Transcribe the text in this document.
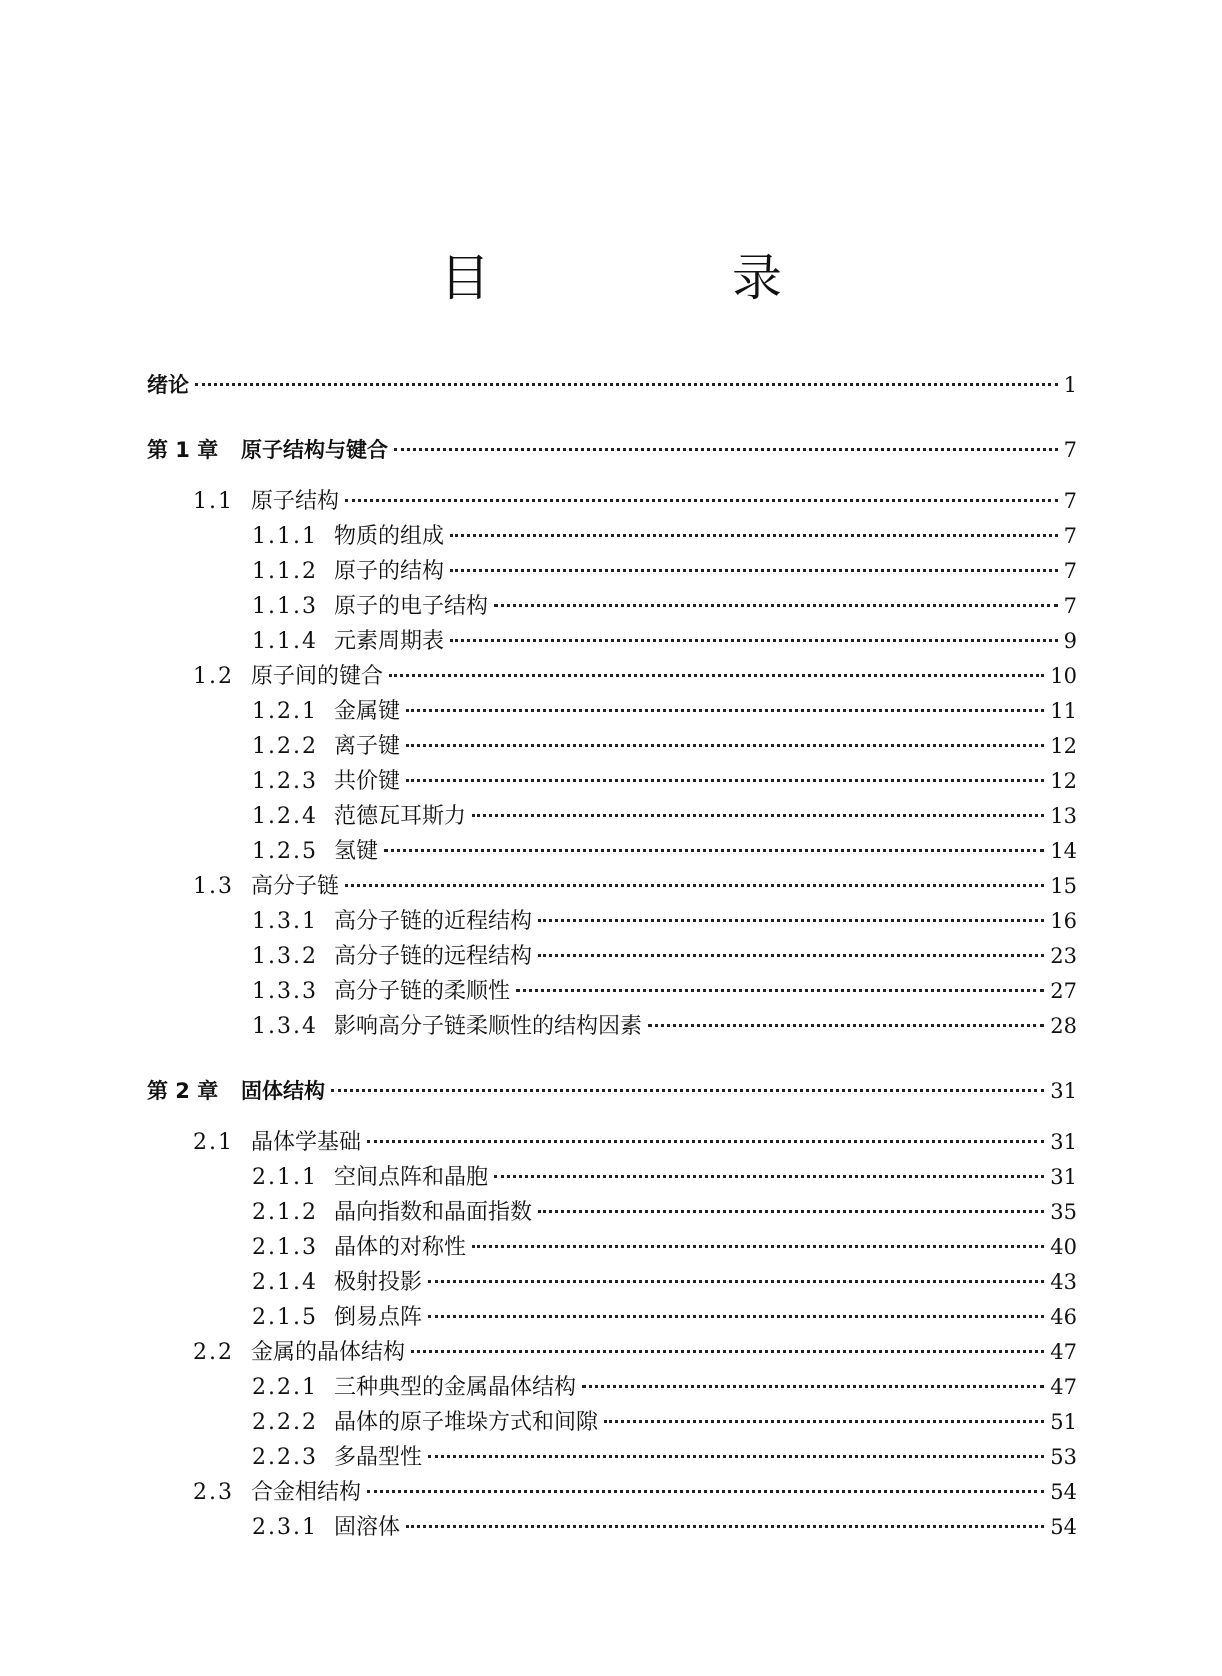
目　录
绪论	1
第 1 章	原子结构与键合	7
1.1 原子结构	7
1.1.1 物质的组成	7
1.1.2 原子的结构	7
1.1.3 原子的电子结构	7
1.1.4 元素周期表	9
1.2 原子间的键合	10
1.2.1 金属键	11
1.2.2 离子键	12
1.2.3 共价键	12
1.2.4 范德瓦耳斯力	13
1.2.5 氢键	14
1.3 高分子链	15
1.3.1 高分子链的近程结构	16
1.3.2 高分子链的远程结构	23
1.3.3 高分子链的柔顺性	27
1.3.4 影响高分子链柔顺性的结构因素	28
第 2 章	固体结构	31
2.1 晶体学基础	31
2.1.1 空间点阵和晶胞	31
2.1.2 晶向指数和晶面指数	35
2.1.3 晶体的对称性	40
2.1.4 极射投影	43
2.1.5 倒易点阵	46
2.2 金属的晶体结构	47
2.2.1 三种典型的金属晶体结构	47
2.2.2 晶体的原子堆垛方式和间隙	51
2.2.3 多晶型性	53
2.3 合金相结构	54
2.3.1 固溶体	54
